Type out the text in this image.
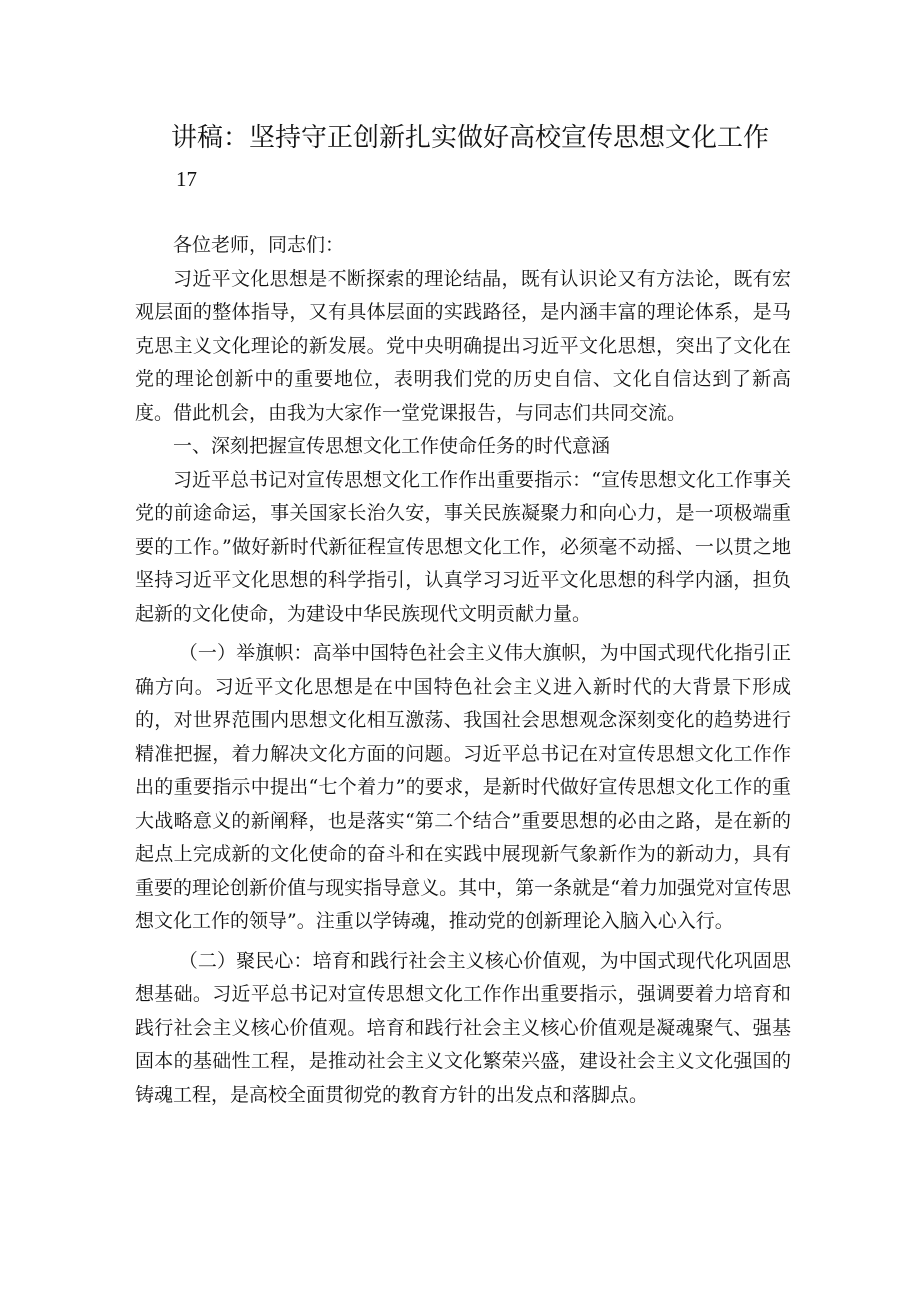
讲稿：坚持守正创新扎实做好高校宣传思想文化工作
17

各位老师，同志们：

习近平文化思想是不断探索的理论结晶，既有认识论又有方法论，既有宏观层面的整体指导，又有具体层面的实践路径，是内涵丰富的理论体系，是马克思主义文化理论的新发展。党中央明确提出习近平文化思想，突出了文化在党的理论创新中的重要地位，表明我们党的历史自信、文化自信达到了新高度。借此机会，由我为大家作一堂党课报告，与同志们共同交流。

一、深刻把握宣传思想文化工作使命任务的时代意涵

习近平总书记对宣传思想文化工作作出重要指示：“宣传思想文化工作事关党的前途命运，事关国家长治久安，事关民族凝聚力和向心力，是一项极端重要的工作。”做好新时代新征程宣传思想文化工作，必须毫不动摇、一以贯之地坚持习近平文化思想的科学指引，认真学习习近平文化思想的科学内涵，担负起新的文化使命，为建设中华民族现代文明贡献力量。

（一）举旗帜：高举中国特色社会主义伟大旗帜，为中国式现代化指引正确方向。习近平文化思想是在中国特色社会主义进入新时代的大背景下形成的，对世界范围内思想文化相互激荡、我国社会思想观念深刻变化的趋势进行精准把握，着力解决文化方面的问题。习近平总书记在对宣传思想文化工作作出的重要指示中提出“七个着力”的要求，是新时代做好宣传思想文化工作的重大战略意义的新阐释，也是落实“第二个结合”重要思想的必由之路，是在新的起点上完成新的文化使命的奋斗和在实践中展现新气象新作为的新动力，具有重要的理论创新价值与现实指导意义。其中，第一条就是“着力加强党对宣传思想文化工作的领导”。注重以学铸魂，推动党的创新理论入脑入心入行。

（二）聚民心：培育和践行社会主义核心价值观，为中国式现代化巩固思想基础。习近平总书记对宣传思想文化工作作出重要指示，强调要着力培育和践行社会主义核心价值观。培育和践行社会主义核心价值观是凝魂聚气、强基固本的基础性工程，是推动社会主义文化繁荣兴盛，建设社会主义文化强国的铸魂工程，是高校全面贯彻党的教育方针的出发点和落脚点。
